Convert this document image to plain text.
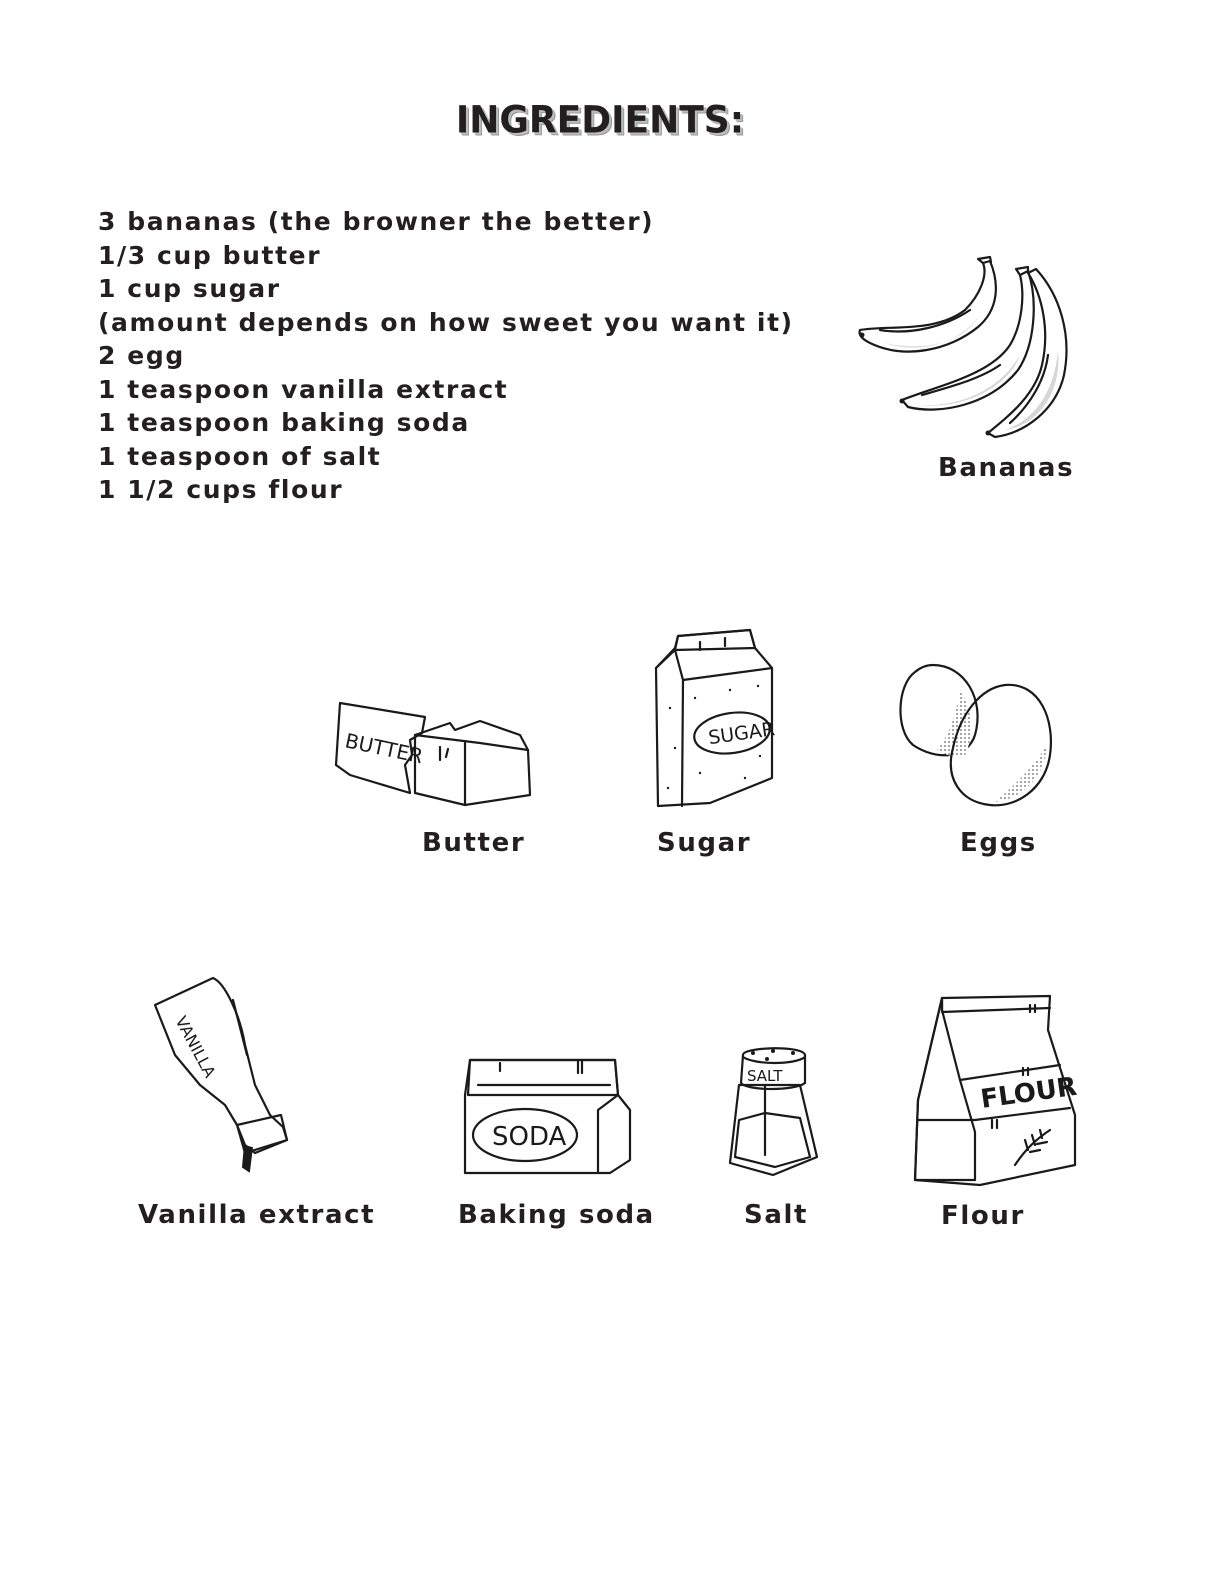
INGREDIENTS:
3 bananas (the browner the better)
1/3 cup butter
1 cup sugar
(amount depends on how sweet you want it)
2 egg
1 teaspoon vanilla extract
1 teaspoon baking soda
1 teaspoon of salt
1 1/2 cups flour
Bananas
BUTTER
Butter
SUGAR
Sugar	Eggs
VANILLA
Vanilla extract
SODA
Baking soda
SALT
Salt
FLOUR
Flour
